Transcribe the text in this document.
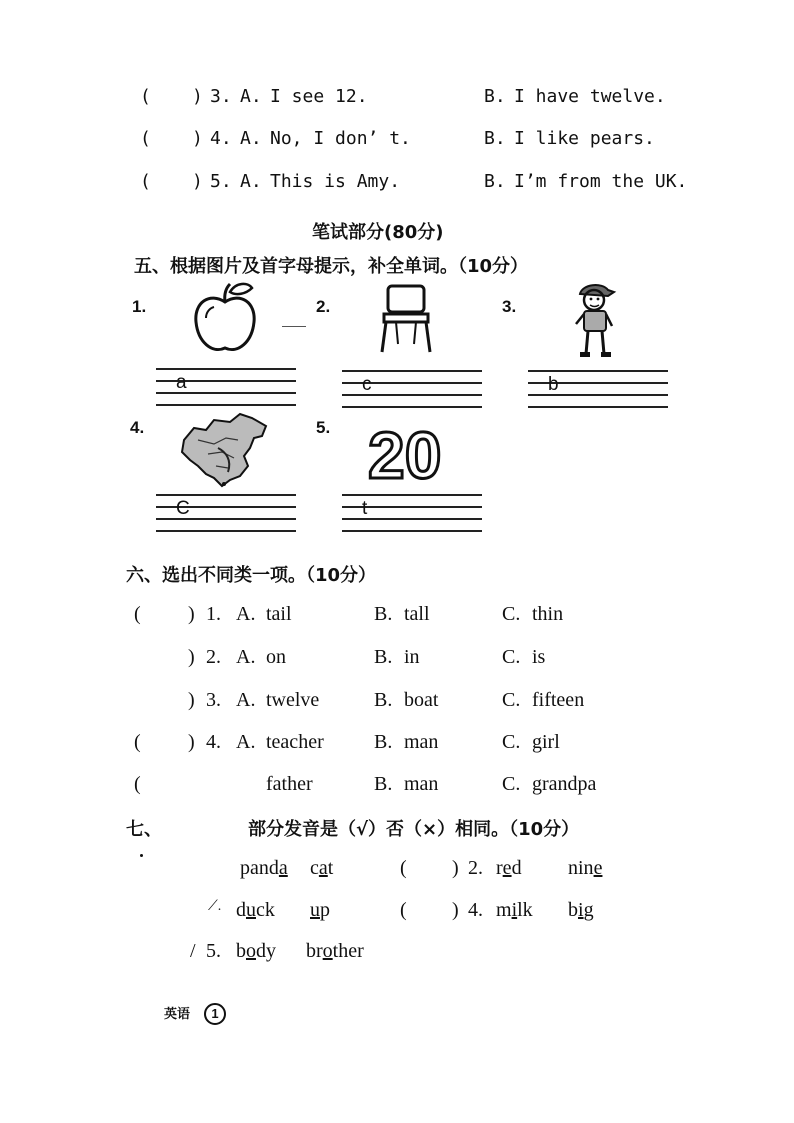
( ) 3. A. I see 12.	B. I have twelve.
( ) 4. A. No, I don’ t.	B. I like pears.
( ) 5. A. This is Amy.	B. I’m from the UK.
笔试部分(80分)
五、根据图片及首字母提示，补全单词。（10分）
1.
a
2.
c
3.
b
4.
C
5. 20
t
六、选出不同类一项。（10分）
( ) 1. A. tail	B. tall	C. thin
) 2. A. on	B. in	C. is
) 3. A. twelve	B. boat	C. fifteen
( ) 4. A. teacher	B. man	C. girl
(	father	B. man	C. grandpa
七、	部分发音是（√）否（×）相同。（10分）
panda cat	( ) 2. red nine
⟋. duck up	( ) 4. milk big
/ 5. body brother
英语	1
